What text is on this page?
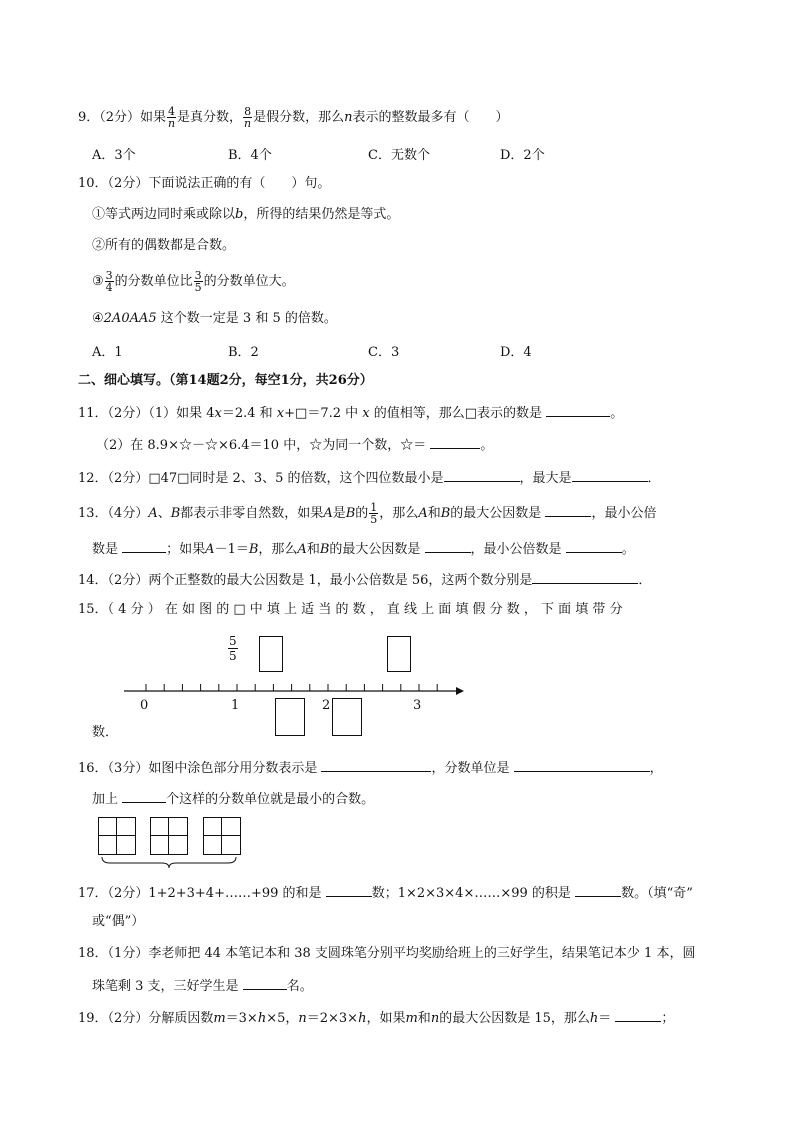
9．（2分）如果 $\frac{4}{n}$ 是真分数， $\frac{8}{n}$ 是假分数，那么n表示的整数最多有（　　）
A．3个	B．4个	C．无数个	D．2个
10．（2分）下面说法正确的有（　　）句。
①等式两边同时乘或除以b，所得的结果仍然是等式。
②所有的偶数都是合数。
③ $\frac{3}{4}$ 的分数单位比 $\frac{3}{5}$ 的分数单位大。
④2A0AA5 这个数一定是 3 和 5 的倍数。
A．1	B．2	C．3	D．4
二、细心填写。（第14题2分，每空1分，共26分）
11．（2分）（1）如果 4x＝2.4 和 x+□＝7.2 中 x 的值相等，那么□表示的数是	。
（2）在 8.9×☆－☆×6.4＝10 中，☆为同一个数，☆＝	。
12．（2分）□47□同时是 2、3、5 的倍数，这个四位数最小是	，最大是	．
13．（4分）A、B都表示非零自然数，如果A是B的 $\frac{1}{5}$ ，那么A和B的最大公因数是	，最小公倍
数是	；如果A－1＝B，那么A和B的最大公因数是	，最小公倍数是	。
14．（2分）两个正整数的最大公因数是 1，最小公倍数是 56，这两个数分别是	．
15．（ 4 分 ） 在 如 图 的 □ 中 填 上 适 当 的 数 ， 直 线 上 面 填 假 分 数 ， 下 面 填 带 分
$\frac{5}{5}$
0	1	2	3
数．
16．（3分）如图中涂色部分用分数表示是	，分数单位是	，
加上	个这样的分数单位就是最小的合数。
17．（2分）1+2+3+4+……+99 的和是	数；1×2×3×4×……×99 的积是	数。（填“奇”
或“偶”）
18．（1分）李老师把 44 本笔记本和 38 支圆珠笔分别平均奖励给班上的三好学生，结果笔记本少 1 本，圆
珠笔剩 3 支，三好学生是	名。
19．（2分）分解质因数m＝3×h×5，n＝2×3×h，如果m和n的最大公因数是 15，那么h＝	；
